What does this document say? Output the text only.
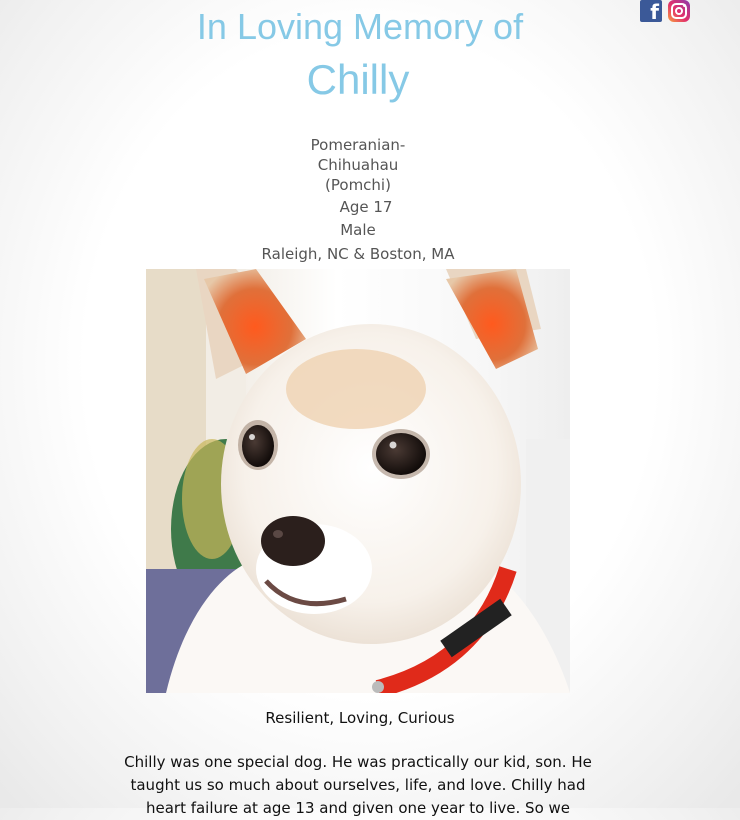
f
In Loving Memory of
Chilly
Pomeranian-
Chihuahau
(Pomchi)
Age 17
Male
Raleigh, NC & Boston, MA
Resilient, Loving, Curious

Chilly was one special dog. He was practically our kid, son. He taught us so much about ourselves, life, and love. Chilly had heart failure at age 13 and given one year to live. So we
